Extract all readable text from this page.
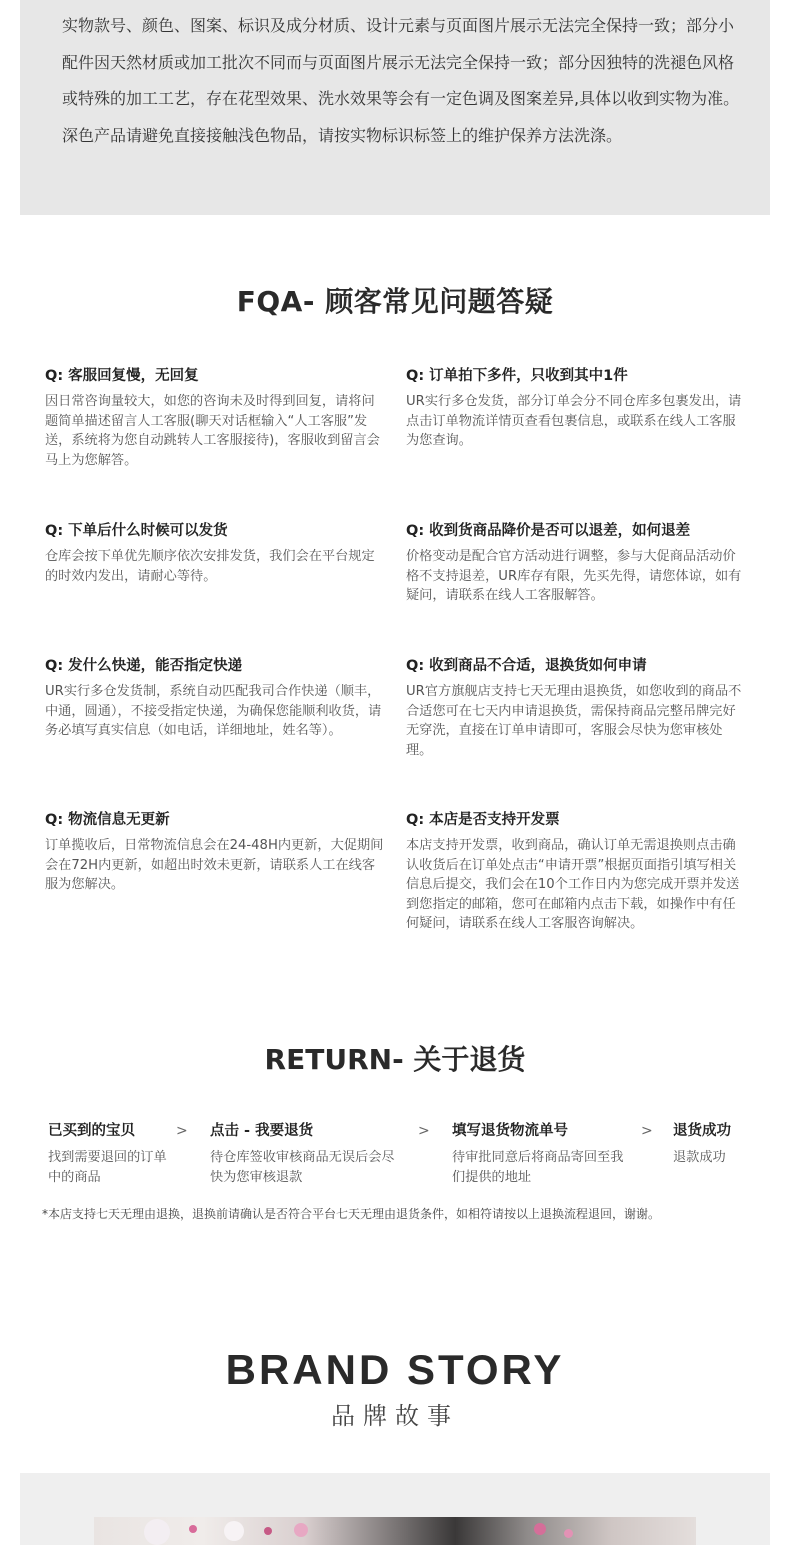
实物款号、颜色、图案、标识及成分材质、设计元素与页面图片展示无法完全保持一致；部分小配件因天然材质或加工批次不同而与页面图片展示无法完全保持一致；部分因独特的洗褪色风格或特殊的加工工艺，存在花型效果、洗水效果等会有一定色调及图案差异,具体以收到实物为准。深色产品请避免直接接触浅色物品，请按实物标识标签上的维护保养方法洗涤。

FQA- 顾客常见问题答疑
Q: 客服回复慢，无回复
因日常咨询量较大，如您的咨询未及时得到回复，请将问题简单描述留言人工客服(聊天对话框输入“人工客服”发送，系统将为您自动跳转人工客服接待)，客服收到留言会马上为您解答。
Q: 订单拍下多件，只收到其中1件
UR实行多仓发货，部分订单会分不同仓库多包裹发出，请点击订单物流详情页查看包裹信息，或联系在线人工客服为您查询。
Q: 下单后什么时候可以发货
仓库会按下单优先顺序依次安排发货，我们会在平台规定的时效内发出，请耐心等待。
Q: 收到货商品降价是否可以退差，如何退差
价格变动是配合官方活动进行调整，参与大促商品活动价格不支持退差，UR库存有限，先买先得，请您体谅，如有疑问，请联系在线人工客服解答。
Q: 发什么快递，能否指定快递
UR实行多仓发货制，系统自动匹配我司合作快递（顺丰，中通，圆通），不接受指定快递，为确保您能顺利收货，请务必填写真实信息（如电话，详细地址，姓名等）。
Q: 收到商品不合适，退换货如何申请
UR官方旗舰店支持七天无理由退换货，如您收到的商品不合适您可在七天内申请退换货，需保持商品完整吊牌完好无穿洗，直接在订单申请即可，客服会尽快为您审核处理。
Q: 物流信息无更新
订单揽收后，日常物流信息会在24-48H内更新，大促期间会在72H内更新，如超出时效未更新，请联系人工在线客服为您解决。
Q: 本店是否支持开发票
本店支持开发票，收到商品，确认订单无需退换则点击确认收货后在订单处点击“申请开票”根据页面指引填写相关信息后提交，我们会在10个工作日内为您完成开票并发送到您指定的邮箱，您可在邮箱内点击下载，如操作中有任何疑问，请联系在线人工客服咨询解决。
RETURN- 关于退货
已买到的宝贝
找到需要退回的订单中的商品
> 点击 - 我要退货
待仓库签收审核商品无误后会尽快为您审核退款
> 填写退货物流单号
待审批同意后将商品寄回至我们提供的地址
> 退货成功
退款成功

*本店支持七天无理由退换，退换前请确认是否符合平台七天无理由退货条件，如相符请按以上退换流程退回，谢谢。

BRAND STORY
品牌故事
